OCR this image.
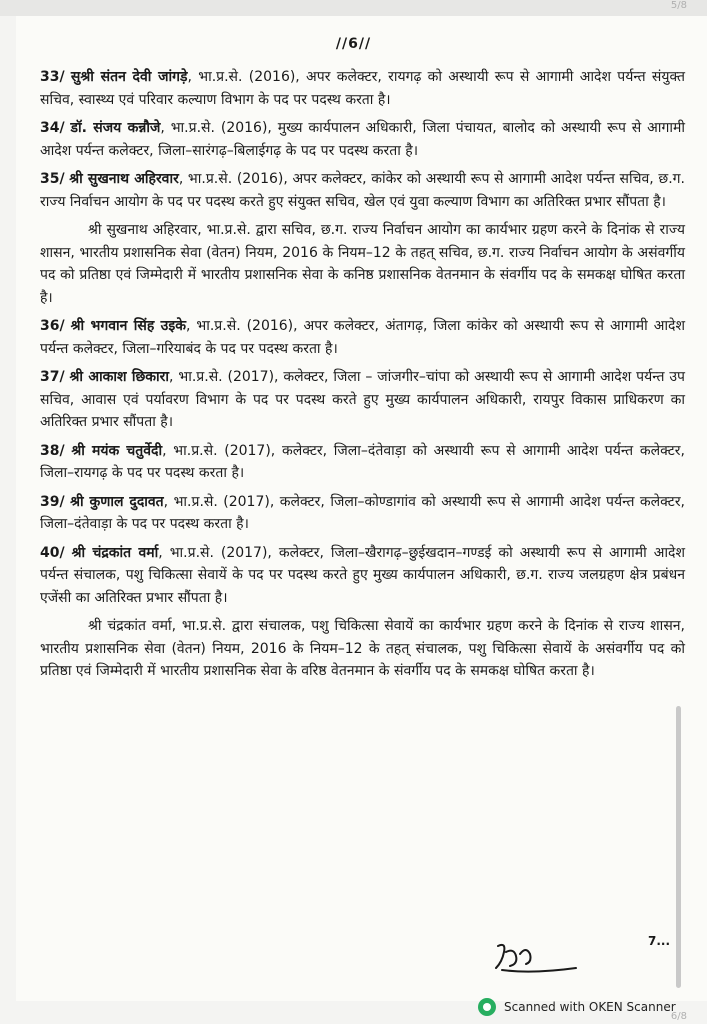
5/8
//6//

33/ सुश्री संतन देवी जांगड़े, भा.प्र.से. (2016), अपर कलेक्टर, रायगढ़ को अस्थायी रूप से आगामी आदेश पर्यन्त संयुक्त सचिव, स्वास्थ्य एवं परिवार कल्याण विभाग के पद पर पदस्थ करता है।

34/ डॉ. संजय कन्नौजे, भा.प्र.से. (2016), मुख्य कार्यपालन अधिकारी, जिला पंचायत, बालोद को अस्थायी रूप से आगामी आदेश पर्यन्त कलेक्टर, जिला–सारंगढ़–बिलाईगढ़ के पद पर पदस्थ करता है।

35/ श्री सुखनाथ अहिरवार, भा.प्र.से. (2016), अपर कलेक्टर, कांकेर को अस्थायी रूप से आगामी आदेश पर्यन्त सचिव, छ.ग. राज्य निर्वाचन आयोग के पद पर पदस्थ करते हुए संयुक्त सचिव, खेल एवं युवा कल्याण विभाग का अतिरिक्त प्रभार सौंपता है।

श्री सुखनाथ अहिरवार, भा.प्र.से. द्वारा सचिव, छ.ग. राज्य निर्वाचन आयोग का कार्यभार ग्रहण करने के दिनांक से राज्य शासन, भारतीय प्रशासनिक सेवा (वेतन) नियम, 2016 के नियम–12 के तहत् सचिव, छ.ग. राज्य निर्वाचन आयोग के असंवर्गीय पद को प्रतिष्ठा एवं जिम्मेदारी में भारतीय प्रशासनिक सेवा के कनिष्ठ प्रशासनिक वेतनमान के संवर्गीय पद के समकक्ष घोषित करता है।

36/ श्री भगवान सिंह उइके, भा.प्र.से. (2016), अपर कलेक्टर, अंतागढ़, जिला कांकेर को अस्थायी रूप से आगामी आदेश पर्यन्त कलेक्टर, जिला–गरियाबंद के पद पर पदस्थ करता है।

37/ श्री आकाश छिकारा, भा.प्र.से. (2017), कलेक्टर, जिला – जांजगीर–चांपा को अस्थायी रूप से आगामी आदेश पर्यन्त उप सचिव, आवास एवं पर्यावरण विभाग के पद पर पदस्थ करते हुए मुख्य कार्यपालन अधिकारी, रायपुर विकास प्राधिकरण का अतिरिक्त प्रभार सौंपता है।

38/ श्री मयंक चतुर्वेदी, भा.प्र.से. (2017), कलेक्टर, जिला–दंतेवाड़ा को अस्थायी रूप से आगामी आदेश पर्यन्त कलेक्टर, जिला–रायगढ़ के पद पर पदस्थ करता है।

39/ श्री कुणाल दुदावत, भा.प्र.से. (2017), कलेक्टर, जिला–कोण्डागांव को अस्थायी रूप से आगामी आदेश पर्यन्त कलेक्टर, जिला–दंतेवाड़ा के पद पर पदस्थ करता है।

40/ श्री चंद्रकांत वर्मा, भा.प्र.से. (2017), कलेक्टर, जिला–खैरागढ़–छुईखदान–गण्डई को अस्थायी रूप से आगामी आदेश पर्यन्त संचालक, पशु चिकित्सा सेवायें के पद पर पदस्थ करते हुए मुख्य कार्यपालन अधिकारी, छ.ग. राज्य जलग्रहण क्षेत्र प्रबंधन एजेंसी का अतिरिक्त प्रभार सौंपता है।

श्री चंद्रकांत वर्मा, भा.प्र.से. द्वारा संचालक, पशु चिकित्सा सेवायें का कार्यभार ग्रहण करने के दिनांक से राज्य शासन, भारतीय प्रशासनिक सेवा (वेतन) नियम, 2016 के नियम–12 के तहत् संचालक, पशु चिकित्सा सेवायें के असंवर्गीय पद को प्रतिष्ठा एवं जिम्मेदारी में भारतीय प्रशासनिक सेवा के वरिष्ठ वेतनमान के संवर्गीय पद के समकक्ष घोषित करता है।

7...
Scanned with OKEN Scanner
6/8
